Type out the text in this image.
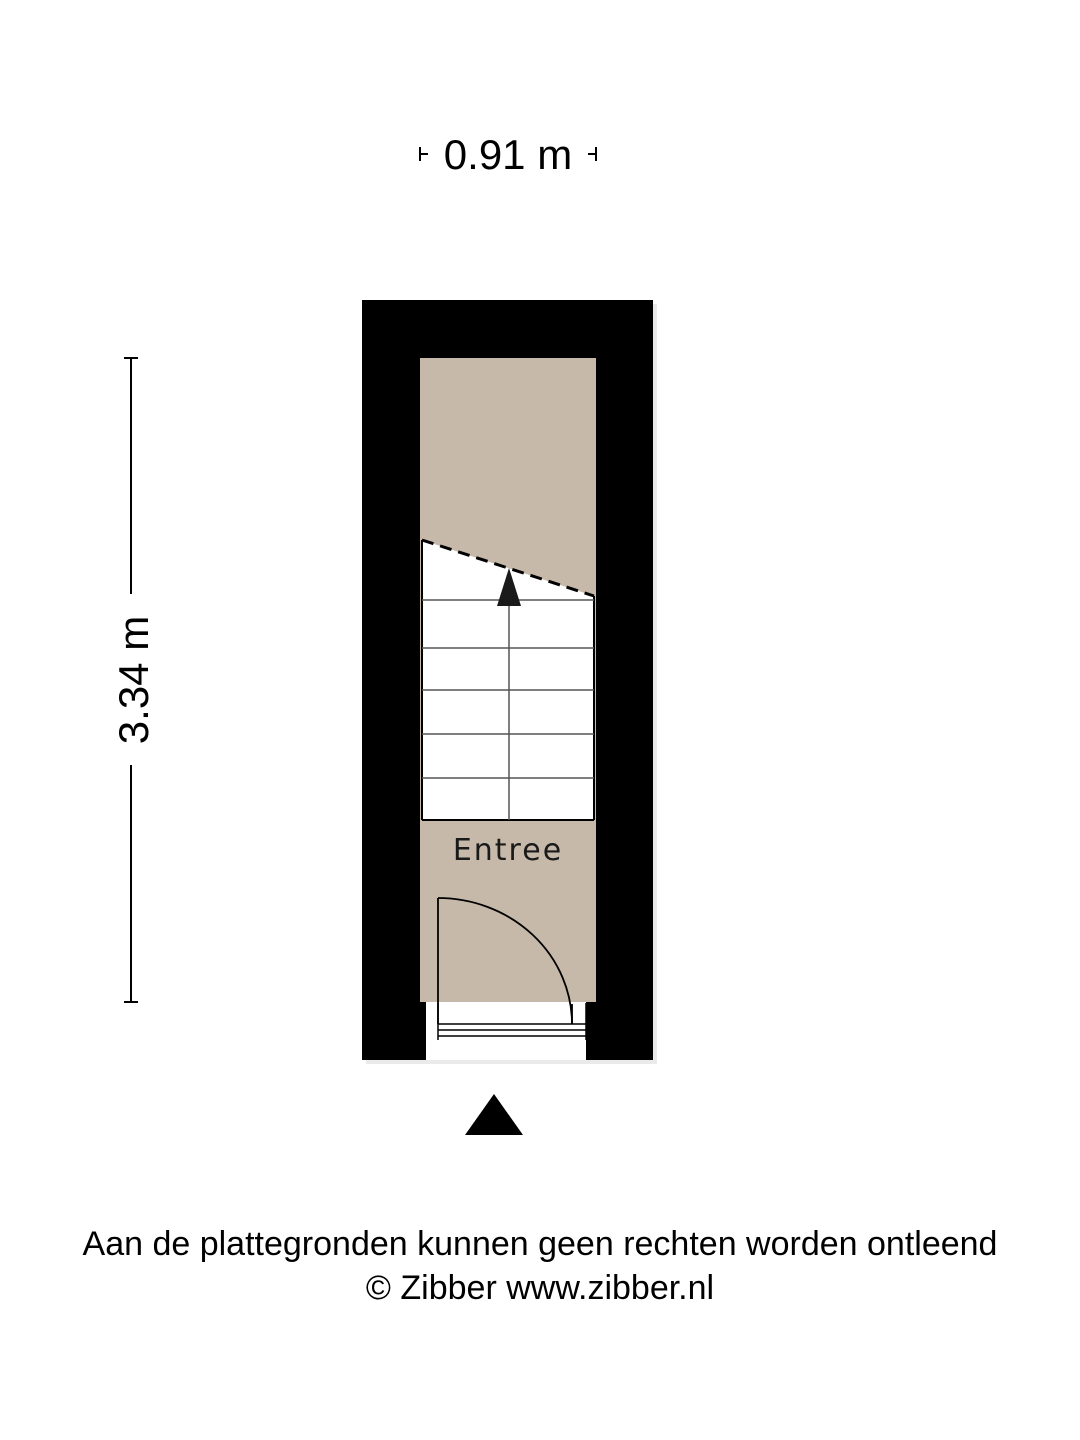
0.91 m
3.34 m
Entree
Aan de plattegronden kunnen geen rechten worden ontleend
© Zibber www.zibber.nl
